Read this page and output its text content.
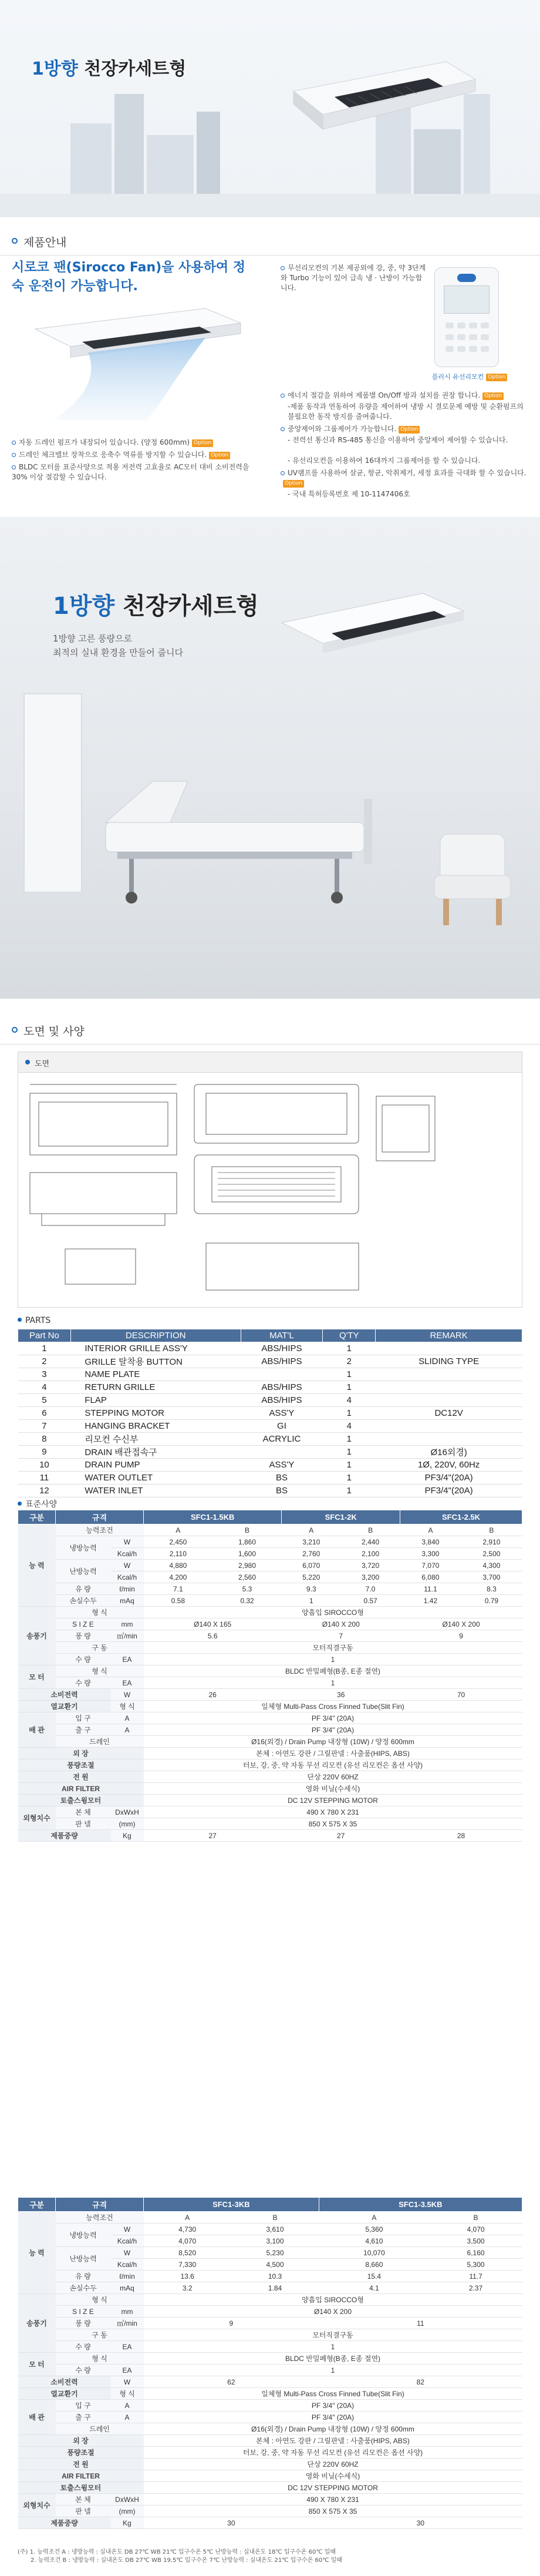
1방향 천장카세트형
제품안내
시로코 팬(Sirocco Fan)을 사용하여 정숙 운전이 가능합니다.
자동 드레인 펌프가 내장되어 있습니다. (양정 600mm) Option
드레인 체크밸브 장착으로 응축수 역류를 방지할 수 있습니다. Option
BLDC 모터를 표준사양으로 적용 저전력 고효율로 AC모터 대비 소비전력을 30% 이상 절감할 수 있습니다.
무선리모컨의 기본 제공외에 강, 중, 약 3단계와 Turbo 기능이 있어 급속 냉 · 난방이 가능합니다.

플러시 유선리모컨 Option
에너지 절감을 위하여 제품별 On/Off 방과 설치를 권장 합니다. Option
-제품 동작과 연동하여 유량을 제어하여 냉방 시 결로문제 예방 및 순환펌프의 불필요한 동작 방지를 줄여줍니다.
중앙제어와 그룹제어가 가능합니다. Option
- 전력선 통신과 RS-485 통신을 이용하여 중앙제어 제어할 수 있습니다.
- 유선리모컨을 이용하여 16대까지 그룹제어를 할 수 있습니다.
UV램프를 사용하여 살균, 항균, 악취제거, 세정 효과를 극대화 할 수 있습니다.Option
- 국내 특허등록번호 제 10-1147406호
1방향 천장카세트형
1방향 고른 풍량으로
최적의 실내 환경을 만들어 줍니다
도면 및 사양
도면
PARTS
Part No	DESCRIPTION	MAT'L	Q'TY	REMARK
1	INTERIOR GRILLE ASS'Y	ABS/HIPS	1	
2	GRILLE 탈착용 BUTTON	ABS/HIPS	2	SLIDING TYPE
3	NAME PLATE		1	
4	RETURN GRILLE	ABS/HIPS	1	
5	FLAP	ABS/HIPS	4	
6	STEPPING MOTOR	ASS'Y	1	DC12V
7	HANGING BRACKET	GI	4	
8	리모컨 수신부	ACRYLIC	1	
9	DRAIN 배관접속구		1	Ø16외경)
10	DRAIN PUMP	ASS'Y	1	1Ø, 220V, 60Hz
11	WATER OUTLET	BS	1	PF3/4"(20A)
12	WATER INLET	BS	1	PF3/4"(20A)
표준사양
구분	규격		SFC1-1.5KB		SFC1-2K		SFC1-2.5K	
능 력	능력조건		A	B	A	B	A	B
	냉방능력	W	2,450	1,860	3,210	2,440	3,840	2,910
		Kcal/h	2,110	1,600	2,760	2,100	3,300	2,500
	난방능력	W	4,880	2,980	6,070	3,720	7,070	4,300
		Kcal/h	4,200	2,560	5,220	3,200	6,080	3,700
	유 량	ℓ/min	7.1	5.3	9.3	7.0	11.1	8.3
	손실수두	mAq	0.58	0.32	1	0.57	1.42	0.79
송풍기	형 식		양흡입 SIROCCO형					
	S I Z E	mm	Ø140 X 165		Ø140 X 200		Ø140 X 200	
	풍 량	㎥/min	5.6		7		9	
	구 동		모터직결구동					
	수 량	EA	1					
모 터	형 식		BLDC 반밀폐형(B종, E종 절연)					
	수 량	EA	1					
소비전력		W	26		36		70	
열교환기		형 식	일체형 Multi-Pass Cross Finned Tube(Slit Fin)					
배 관	입 구	A	PF 3/4" (20A)					
	출 구	A	PF 3/4" (20A)					
	드레인		Ø16(외경) / Drain Pump 내장형 (10W) / 양정 600mm					
외 장			본체 : 아연도 강판 / 그릴판넬 : 사출품(HIPS, ABS)					
풍량조절			터보, 강, 중, 약 자동 무선 리모컨 (유선 리모컨은 옵션 사양)					
전 원			단상 220V 60HZ					
AIR FILTER			영화 비닐(수세식)					
토출스윙모터			DC 12V STEPPING MOTOR					
외형치수	본 체	DxWxH	490 X 780 X 231					
	판 넬	(mm)	850 X 575 X 35					
제품중량		Kg	27		27		28	
구분	규격		SFC1-3KB		SFC1-3.5KB	
능 력	능력조건		A	B	A	B
	냉방능력	W	4,730	3,610	5,360	4,070
		Kcal/h	4,070	3,100	4,610	3,500
	난방능력	W	8,520	5,230	10,070	6,160
		Kcal/h	7,330	4,500	8,660	5,300
	유 량	ℓ/min	13.6	10.3	15.4	11.7
	손실수두	mAq	3.2	1.84	4.1	2.37
송풍기	형 식		양흡입 SIROCCO형			
	S I Z E	mm	Ø140 X 200			
	풍 량	㎥/min	9		11	
	구 동		모터직결구동			
	수 량	EA	1			
모 터	형 식		BLDC 반밀폐형(B종, E종 절연)			
	수 량	EA	1			
소비전력		W	62		82	
열교환기		형 식	일체형 Multi-Pass Cross Finned Tube(Slit Fin)			
배 관	입 구	A	PF 3/4" (20A)			
	출 구	A	PF 3/4" (20A)			
	드레인		Ø16(외경) / Drain Pump 내장형 (10W) / 양정 600mm			
외 장			본체 : 아연도 강판 / 그릴판넬 : 사출품(HIPS, ABS)			
풍량조절			터보, 강, 중, 약 자동 무선 리모컨 (유선 리모컨은 옵션 사양)			
전 원			단상 220V 60HZ			
AIR FILTER			영화 비닐(수세식)			
토출스윙모터			DC 12V STEPPING MOTOR			
외형치수	본 체	DxWxH	490 X 780 X 231			
	판 넬	(mm)	850 X 575 X 35			
제품중량		Kg	30		30	
(주) 1. 능력조건 A : 냉방능력 : 실내온도 DB 27℃ WB 21℃ 입구수온 5℃ 난방능력 : 실내온도 18℃ 입구수온 60℃ 일때
2. 능력조건 B : 냉방능력 : 실내온도 DB 27℃ WB 19.5℃ 입구수온 7℃ 난방능력 : 실내온도 21℃ 입구수온 60℃ 일때
